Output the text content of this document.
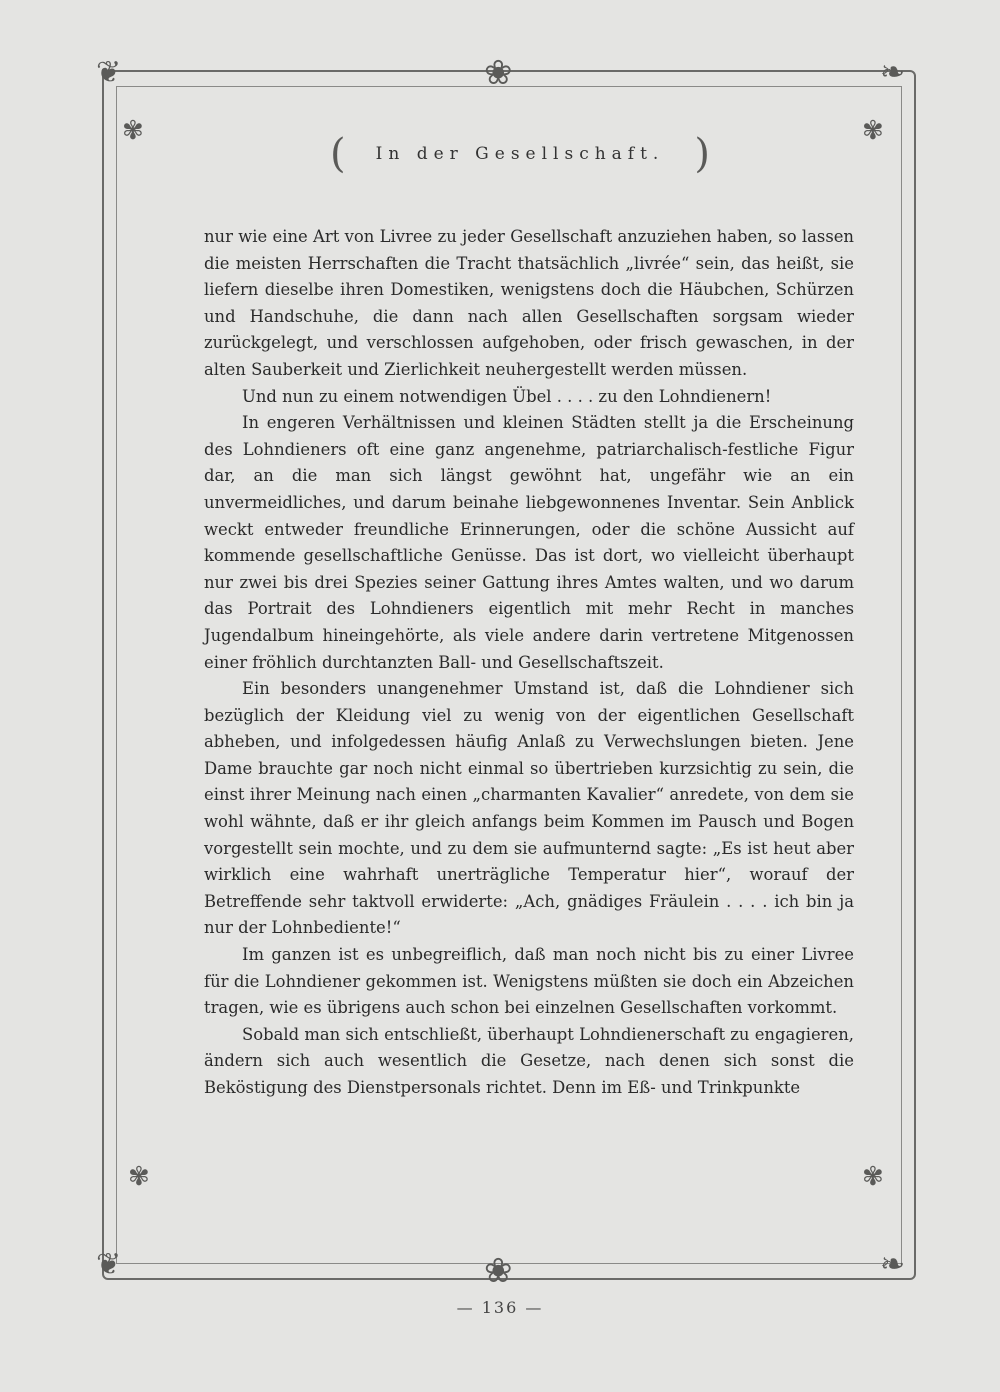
❦	❧
❦	❧
❀
❀
✾	✾
✾	✾
( In der Gesellschaft. )

nur wie eine Art von Livree zu jeder Gesellschaft anzuziehen haben, so lassen die meisten Herrschaften die Tracht thatsächlich „livrée“ sein, das heißt, sie liefern dieselbe ihren Domestiken, wenigstens doch die Häubchen, Schürzen und Handschuhe, die dann nach allen Gesellschaften sorgsam wieder zurückgelegt, und verschlossen aufgehoben, oder frisch gewaschen, in der alten Sauberkeit und Zierlichkeit neuhergestellt werden müssen.

Und nun zu einem notwendigen Übel . . . . zu den Lohndienern!

In engeren Verhältnissen und kleinen Städten stellt ja die Erscheinung des Lohndieners oft eine ganz angenehme, patriarchalisch-festliche Figur dar, an die man sich längst gewöhnt hat, ungefähr wie an ein unvermeidliches, und darum beinahe liebgewonnenes Inventar. Sein Anblick weckt entweder freundliche Erinnerungen, oder die schöne Aussicht auf kommende gesellschaftliche Genüsse. Das ist dort, wo vielleicht überhaupt nur zwei bis drei Spezies seiner Gattung ihres Amtes walten, und wo darum das Portrait des Lohndieners eigentlich mit mehr Recht in manches Jugendalbum hineingehörte, als viele andere darin vertretene Mitgenossen einer fröhlich durchtanzten Ball- und Gesellschaftszeit.

Ein besonders unangenehmer Umstand ist, daß die Lohndiener sich bezüglich der Kleidung viel zu wenig von der eigentlichen Gesellschaft abheben, und infolgedessen häufig Anlaß zu Verwechslungen bieten. Jene Dame brauchte gar noch nicht einmal so übertrieben kurzsichtig zu sein, die einst ihrer Meinung nach einen „charmanten Kavalier“ anredete, von dem sie wohl wähnte, daß er ihr gleich anfangs beim Kommen im Pausch und Bogen vorgestellt sein mochte, und zu dem sie aufmunternd sagte: „Es ist heut aber wirklich eine wahrhaft unerträgliche Temperatur hier“, worauf der Betreffende sehr taktvoll erwiderte: „Ach, gnädiges Fräulein . . . . ich bin ja nur der Lohnbediente!“

Im ganzen ist es unbegreiflich, daß man noch nicht bis zu einer Livree für die Lohndiener gekommen ist. Wenigstens müßten sie doch ein Abzeichen tragen, wie es übrigens auch schon bei einzelnen Gesellschaften vorkommt.

Sobald man sich entschließt, überhaupt Lohndienerschaft zu engagieren, ändern sich auch wesentlich die Gesetze, nach denen sich sonst die Beköstigung des Dienstpersonals richtet. Denn im Eß- und Trinkpunkte

— 136 —
